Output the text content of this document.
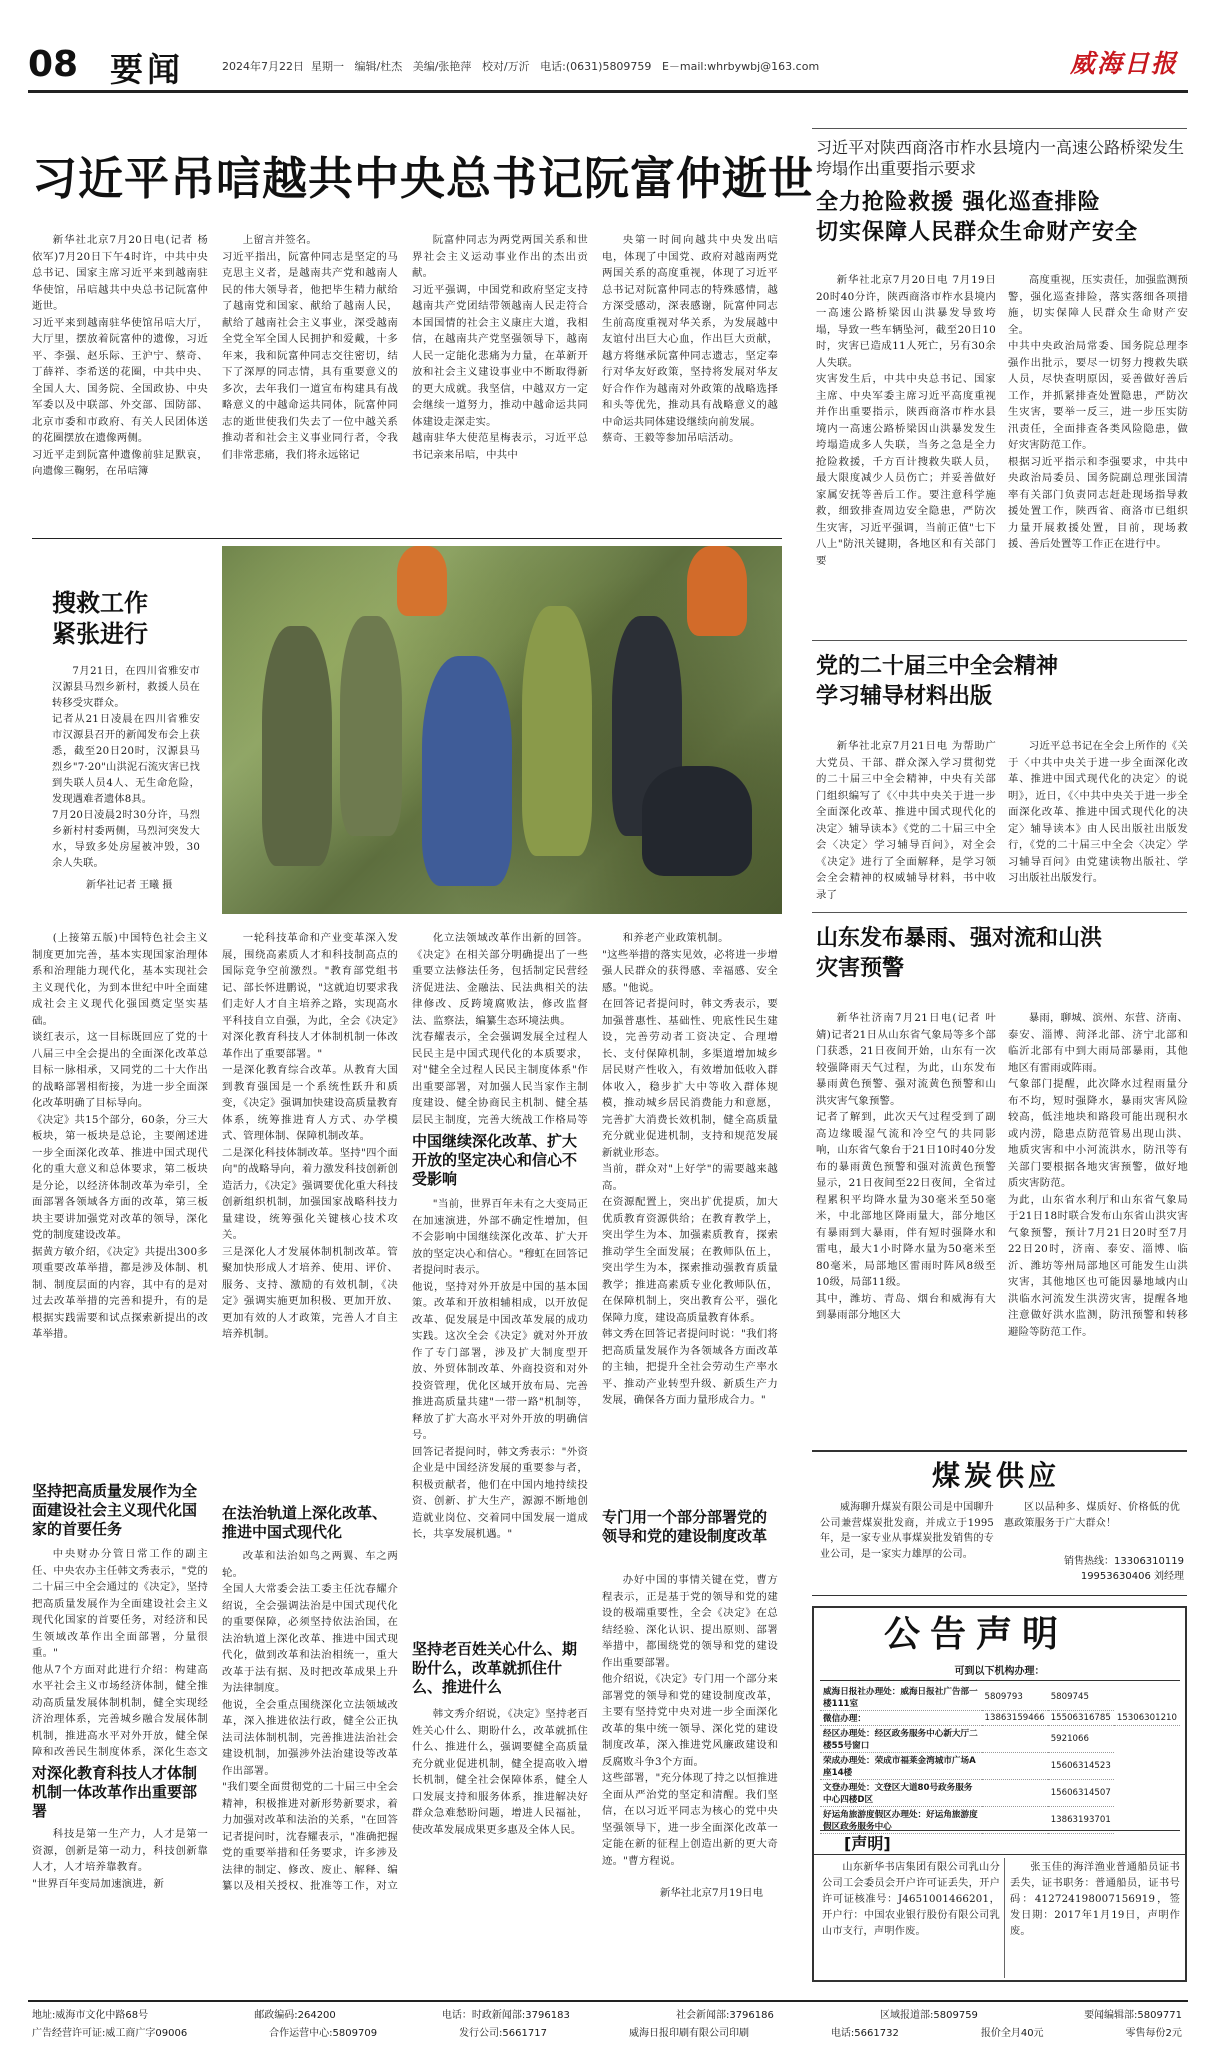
08 要闻	2024年7月22日 星期一 编辑/杜杰 美编/张艳萍 校对/万沂 电话:(0631)5809759 E－mail:whrbywbj@163.com	威海日报
习近平吊唁越共中央总书记阮富仲逝世

新华社北京7月20日电(记者 杨依军)7月20日下午4时许，中共中央总书记、国家主席习近平来到越南驻华使馆，吊唁越共中央总书记阮富仲逝世。
习近平来到越南驻华使馆吊唁大厅，大厅里，摆放着阮富仲的遗像，习近平、李强、赵乐际、王沪宁、蔡奇、丁薛祥、李希送的花圈，中共中央、全国人大、国务院、全国政协、中央军委以及中联部、外交部、国防部、北京市委和市政府、有关人民团体送的花圈摆放在遗像两侧。
习近平走到阮富仲遗像前驻足默哀，向遗像三鞠躬，在吊唁簿

上留言并签名。
习近平指出，阮富仲同志是坚定的马克思主义者，是越南共产党和越南人民的伟大领导者，他把毕生精力献给了越南党和国家、献给了越南人民，献给了越南社会主义事业，深受越南全党全军全国人民拥护和爱戴，十多年来，我和阮富仲同志交往密切，结下了深厚的同志情，具有重要意义的多次，去年我们一道宣布构建具有战略意义的中越命运共同体，阮富仲同志的逝世使我们失去了一位中越关系推动者和社会主义事业同行者，令我们非常悲痛，我们将永远铭记

阮富仲同志为两党两国关系和世界社会主义运动事业作出的杰出贡献。
习近平强调，中国党和政府坚定支持越南共产党团结带领越南人民走符合本国国情的社会主义康庄大道，我相信，在越南共产党坚强领导下，越南人民一定能化悲痛为力量，在革新开放和社会主义建设事业中不断取得新的更大成就。我坚信，中越双方一定会继续一道努力，推动中越命运共同体建设走深走实。
越南驻华大使范星梅表示，习近平总书记亲来吊唁，中共中

央第一时间向越共中央发出唁电，体现了中国党、政府对越南两党两国关系的高度重视，体现了习近平总书记对阮富仲同志的特殊感情，越方深受感动，深表感谢，阮富仲同志生前高度重视对华关系，为发展越中友谊付出巨大心血，作出巨大贡献，越方将继承阮富仲同志遗志，坚定奉行对华友好政策，坚持将发展对华友好合作作为越南对外政策的战略选择和头等优先，推动具有战略意义的越中命运共同体建设继续向前发展。
蔡奇、王毅等参加吊唁活动。

搜救工作
紧张进行

7月21日，在四川省雅安市汉源县马烈乡新村，救援人员在转移受灾群众。
记者从21日凌晨在四川省雅安市汉源县召开的新闻发布会上获悉，截至20日20时，汉源县马烈乡"7·20"山洪泥石流灾害已找到失联人员4人、无生命危险，发现遇难者遗体8具。
7月20日凌晨2时30分许，马烈乡新村村委两侧，马烈河突发大水，导致多处房屋被冲毁，30余人失联。

新华社记者 王曦 摄
习近平对陕西商洛市柞水县境内一高速公路桥梁发生垮塌作出重要指示要求
全力抢险救援 强化巡查排险
切实保障人民群众生命财产安全

新华社北京7月20日电 7月19日20时40分许，陕西商洛市柞水县境内一高速公路桥梁因山洪暴发导致垮塌，导致一些车辆坠河，截至20日10时，灾害已造成11人死亡，另有30余人失联。
灾害发生后，中共中央总书记、国家主席、中央军委主席习近平高度重视并作出重要指示，陕西商洛市柞水县境内一高速公路桥梁因山洪暴发发生垮塌造成多人失联，当务之急是全力抢险救援，千方百计搜救失联人员，最大限度减少人员伤亡；并妥善做好家属安抚等善后工作。要注意科学施救，细致排查周边安全隐患，严防次生灾害，习近平强调，当前正值"七下八上"防汛关键期，各地区和有关部门要

高度重视，压实责任，加强监测预警，强化巡查排险，落实落细各项措施，切实保障人民群众生命财产安全。
中共中央政治局常委、国务院总理李强作出批示，要尽一切努力搜救失联人员，尽快查明原因，妥善做好善后工作，并抓紧排查处置隐患，严防次生灾害，要举一反三，进一步压实防汛责任，全面排查各类风险隐患，做好灾害防范工作。
根据习近平指示和李强要求，中共中央政治局委员、国务院副总理张国清率有关部门负责同志赶赴现场指导救援处置工作，陕西省、商洛市已组织力量开展救援处置，目前，现场救援、善后处置等工作正在进行中。

党的二十届三中全会精神
学习辅导材料出版

新华社北京7月21日电 为帮助广大党员、干部、群众深入学习贯彻党的二十届三中全会精神，中央有关部门组织编写了《〈中共中央关于进一步全面深化改革、推进中国式现代化的决定〉辅导读本》《党的二十届三中全会〈决定〉学习辅导百问》，对全会《决定》进行了全面解释，是学习领会全会精神的权威辅导材料，书中收录了

习近平总书记在全会上所作的《关于〈中共中央关于进一步全面深化改革、推进中国式现代化的决定〉的说明》，近日，《〈中共中央关于进一步全面深化改革、推进中国式现代化的决定〉辅导读本》由人民出版社出版发行，《党的二十届三中全会〈决定〉学习辅导百问》由党建读物出版社、学习出版社出版发行。

山东发布暴雨、强对流和山洪
灾害预警

新华社济南7月21日电(记者 叶婧)记者21日从山东省气象局等多个部门获悉，21日夜间开始，山东有一次较强降雨天气过程，为此，山东发布暴雨黄色预警、强对流黄色预警和山洪灾害气象预警。
记者了解到，此次天气过程受到了副高边缘暖湿气流和冷空气的共同影响，山东省气象台于21日10时40分发布的暴雨黄色预警和强对流黄色预警显示，21日夜间至22日夜间，全省过程累积平均降水量为30毫米至50毫米，中北部地区降雨量大，部分地区有暴雨到大暴雨，伴有短时强降水和雷电，最大1小时降水量为50毫米至80毫米，局部地区雷雨时阵风8级至10级，局部11级。
其中，潍坊、青岛、烟台和威海有大到暴雨部分地区大

暴雨，聊城、滨州、东营、济南、泰安、淄博、菏泽北部、济宁北部和临沂北部有中到大雨局部暴雨，其他地区有雷雨或阵雨。
气象部门提醒，此次降水过程雨量分布不均，短时强降水，暴雨灾害风险较高，低洼地块和路段可能出现积水或内涝，隐患点防范管易出现山洪、地质灾害和中小河流洪水，防汛等有关部门要根据各地灾害预警，做好地质灾害防范。
为此，山东省水利厅和山东省气象局于21日18时联合发布山东省山洪灾害气象预警，预计7月21日20时至7月22日20时，济南、泰安、淄博、临沂、潍坊等州局部地区可能发生山洪灾害，其他地区也可能因暴地域内山洪临水河流发生洪涝灾害，提醒各地注意做好洪水监测，防汛预警和转移避险等防范工作。

煤炭供应

威海聊升煤炭有限公司是中国聊升公司兼营煤炭批发商，并成立于1995年，是一家专业从事煤炭批发销售的专业公司，是一家实力雄厚的公司。

区以品种多、煤质好、价格低的优惠政策服务于广大群众！

销售热线：13306310119 19953630406 刘经理
公告声明
可到以下机构办理：
威海日报社办理处：威海日报社广告部一楼111室	5809793	5809745	
微信办理：	13863159466	15506316785	15306301210
经区办理处：经区政务服务中心新大厅二楼55号窗口		5921066	
荣成办理处：荣成市福莱金湾城市广场A座14楼		15606314523	
文登办理处：文登区大道80号政务服务中心四楼D区		15606314507	
好运角旅游度假区办理处：好运角旅游度假区政务服务中心		13863193701	
[声明]

山东新华书店集团有限公司乳山分公司工会委员会开户许可证丢失，开户许可证核准号：J4651001466201，开户行：中国农业银行股份有限公司乳山市支行，声明作废。

张玉佳的海洋渔业普通船员证书丢失，证书职务：普通船员，证书号码：412724198007156919，签发日期：2017年1月19日，声明作废。

(上接第五版)中国特色社会主义制度更加完善，基本实现国家治理体系和治理能力现代化，基本实现社会主义现代化，为到本世纪中叶全面建成社会主义现代化强国奠定坚实基础。
谈红表示，这一目标既回应了党的十八届三中全会提出的全面深化改革总目标一脉相承，又同党的二十大作出的战略部署相衔接，为进一步全面深化改革明确了目标导向。
《决定》共15个部分，60条，分三大板块，第一板块是总论，主要阐述进一步全面深化改革、推进中国式现代化的重大意义和总体要求，第二板块是分论，以经济体制改革为牵引，全面部署各领域各方面的改革，第三板块主要讲加强党对改革的领导，深化党的制度建设改革。
据黄方敏介绍，《决定》共提出300多项重要改革举措，都是涉及体制、机制、制度层面的内容，其中有的是对过去改革举措的完善和提升，有的是根据实践需要和试点探索新提出的改革举措。

坚持把高质量发展作为全面建设社会主义现代化国家的首要任务

中央财办分管日常工作的副主任、中央农办主任韩文秀表示，"党的二十届三中全会通过的《决定》，坚持把高质量发展作为全面建设社会主义现代化国家的首要任务，对经济和民生领域改革作出全面部署，分量很重。"
他从7个方面对此进行介绍：构建高水平社会主义市场经济体制，健全推动高质量发展体制机制，健全实现经济治理体系，完善城乡融合发展体制机制，推进高水平对外开放，健全保障和改善民生制度体系，深化生态文

对深化教育科技人才体制机制一体改革作出重要部署

科技是第一生产力，人才是第一资源，创新是第一动力，科技创新靠人才，人才培养靠教育。
"世界百年变局加速演进，新

一轮科技革命和产业变革深入发展，围绕高素质人才和科技制高点的国际竞争空前激烈。"教育部党组书记、部长怀进鹏说，"这就迫切要求我们走好人才自主培养之路，实现高水平科技自立自强，为此，全会《决定》对深化教育科技人才体制机制一体改革作出了重要部署。"
一是深化教育综合改革。从教育大国到教育强国是一个系统性跃升和质变，《决定》强调加快建设高质量教育体系，统筹推进育人方式、办学模式、管理体制、保障机制改革。
二是深化科技体制改革。坚持"四个面向"的战略导向，着力激发科技创新创造活力，《决定》强调要优化重大科技创新组织机制，加强国家战略科技力量建设，统筹强化关键核心技术攻关。
三是深化人才发展体制机制改革。管聚加快形成人才培养、使用、评价、服务、支持、激励的有效机制，《决定》强调实施更加积极、更加开放、更加有效的人才政策，完善人才自主培养机制。

在法治轨道上深化改革、推进中国式现代化

改革和法治如鸟之两翼、车之两轮。
全国人大常委会法工委主任沈春耀介绍说，全会强调法治是中国式现代化的重要保障，必须坚持依法治国，在法治轨道上深化改革、推进中国式现代化，做到改革和法治相统一，重大改革于法有据、及时把改革成果上升为法律制度。
他说，全会重点围绕深化立法领域改革，深入推进依法行政，健全公正执法司法体制机制，完善推进法治社会建设机制，加强涉外法治建设等改革作出部署。
"我们要全面贯彻党的二十届三中全会精神，积极推进对新形势新要求，着力加强对改革和法治的关系，"在回答记者提问时，沈春耀表示，"准确把握党的重要举措和任务要求，许多涉及法律的制定、修改、废止、解释、编纂以及相关授权、批准等工作，对立

化立法领域改革作出新的回答。《决定》在相关部分明确提出了一些重要立法修法任务，包括制定民营经济促进法、金融法、民法典相关的法律修改、反跨境腐败法，修改监督法、监察法，编纂生态环境法典。
沈春耀表示，全会强调发展全过程人民民主是中国式现代化的本质要求，对"健全全过程人民民主制度体系"作出重要部署，对加强人民当家作主制度建设、健全协商民主机制、健全基层民主制度，完善大统战工作格局等

中国继续深化改革、扩大开放的坚定决心和信心不受影响

"当前，世界百年未有之大变局正在加速演进，外部不确定性增加，但不会影响中国继续深化改革、扩大开放的坚定决心和信心。"穆虹在回答记者提问时表示。
他说，坚持对外开放是中国的基本国策。改革和开放相辅相成，以开放促改革、促发展是中国改革发展的成功实践。这次全会《决定》就对外开放作了专门部署，涉及扩大制度型开放、外贸体制改革、外商投资和对外投资管理，优化区域开放布局、完善推进高质量共建"一带一路"机制等，释放了扩大高水平对外开放的明确信号。
回答记者提问时，韩文秀表示："外资企业是中国经济发展的重要参与者，积极贡献者，他们在中国内地持续投资、创新、扩大生产，源源不断地创造就业岗位、交着同中国发展一道成长，共享发展机遇。"

坚持老百姓关心什么、期盼什么，改革就抓住什么、推进什么

韩文秀介绍说，《决定》坚持老百姓关心什么、期盼什么，改革就抓住什么、推进什么，强调要健全高质量充分就业促进机制，健全提高收入增长机制，健全社会保障体系，健全人口发展支持和服务体系，推进解决好群众急难愁盼问题，增进人民福祉，使改革发展成果更多惠及全体人民。

和养老产业政策机制。
"这些举措的落实见效，必将进一步增强人民群众的获得感、幸福感、安全感。"他说。
在回答记者提问时，韩文秀表示，要加强普惠性、基础性、兜底性民生建设，完善劳动者工资决定、合理增长、支付保障机制，多渠道增加城乡居民财产性收入，有效增加低收入群体收入，稳步扩大中等收入群体规模，推动城乡居民消费能力和意愿，完善扩大消费长效机制，健全高质量充分就业促进机制，支持和规范发展新就业形态。
当前，群众对"上好学"的需要越来越高。
在资源配置上，突出扩优提质，加大优质教育资源供给；在教育教学上，突出学生为本、加强素质教育，探索推动学生全面发展；在教师队伍上，突出学生为本，探索推动强教育质量教学；推进高素质专业化教师队伍，在保障机制上，突出教育公平，强化保障力度，建设高质量教育体系。
韩文秀在回答记者提问时说："我们将把高质量发展作为各领域各方面改革的主轴，把提升全社会劳动生产率水平、推动产业转型升级、新质生产力发展，确保各方面力量形成合力。"

专门用一个部分部署党的领导和党的建设制度改革

办好中国的事情关键在党，曹方程表示，正是基于党的领导和党的建设的极端重要性，全会《决定》在总结经验、深化认识、提出原则、部署举措中，都围绕党的领导和党的建设作出重要部署。
他介绍说，《决定》专门用一个部分来部署党的领导和党的建设制度改革，主要有坚持党中央对进一步全面深化改革的集中统一领导、深化党的建设制度改革，深入推进党风廉政建设和反腐败斗争3个方面。
这些部署，"充分体现了持之以恒推进全面从严治党的坚定和清醒。我们坚信，在以习近平同志为核心的党中央坚强领导下，进一步全面深化改革一定能在新的征程上创造出新的更大奇迹。"曹方程说。

新华社北京7月19日电
地址:威海市文化中路68号	邮政编码:264200	电话：时政新闻部:3796183	社会新闻部:3796186	区域报道部:5809759	要闻编辑部:5809771
广告经营许可证:威工商广字09006	合作运营中心:5809709	发行公司:5661717	威海日报印刷有限公司印刷	电话:5661732	报价全月40元	零售每份2元
